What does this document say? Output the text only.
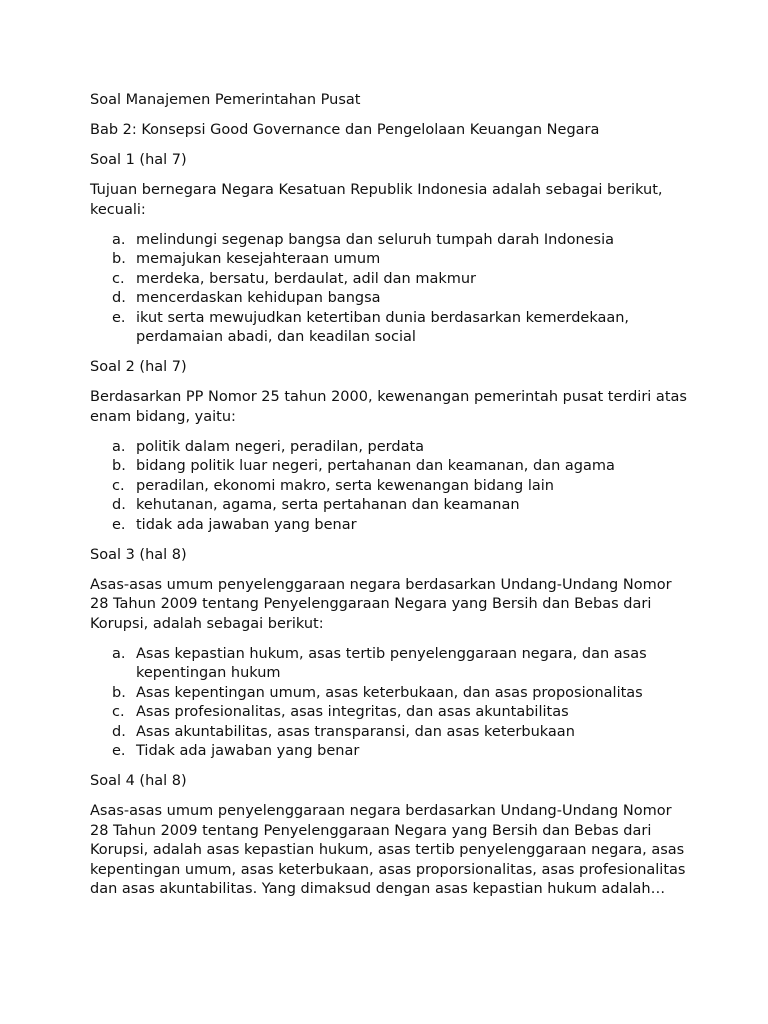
Soal Manajemen Pemerintahan Pusat

Bab 2: Konsepsi Good Governance dan Pengelolaan Keuangan Negara

Soal 1 (hal 7)

Tujuan bernegara Negara Kesatuan Republik Indonesia adalah sebagai berikut, kecuali:

a. melindungi segenap bangsa dan seluruh tumpah darah Indonesia
b. memajukan kesejahteraan umum
c. merdeka, bersatu, berdaulat, adil dan makmur
d. mencerdaskan kehidupan bangsa
e. ikut serta mewujudkan ketertiban dunia berdasarkan kemerdekaan, perdamaian abadi, dan keadilan social

Soal 2 (hal 7)

Berdasarkan PP Nomor 25 tahun 2000, kewenangan pemerintah pusat terdiri atas enam bidang, yaitu:

a. politik dalam negeri, peradilan, perdata
b. bidang politik luar negeri, pertahanan dan keamanan, dan agama
c. peradilan, ekonomi makro, serta kewenangan bidang lain
d. kehutanan, agama, serta pertahanan dan keamanan
e. tidak ada jawaban yang benar

Soal 3 (hal 8)

Asas-asas umum penyelenggaraan negara berdasarkan Undang-Undang Nomor 28 Tahun 2009 tentang Penyelenggaraan Negara yang Bersih dan Bebas dari Korupsi, adalah sebagai berikut:

a. Asas kepastian hukum, asas tertib penyelenggaraan negara, dan asas kepentingan hukum
b. Asas kepentingan umum, asas keterbukaan, dan asas proposionalitas
c. Asas profesionalitas, asas integritas, dan asas akuntabilitas
d. Asas akuntabilitas, asas transparansi, dan asas keterbukaan
e. Tidak ada jawaban yang benar

Soal 4 (hal 8)

Asas-asas umum penyelenggaraan negara berdasarkan Undang-Undang Nomor 28 Tahun 2009 tentang Penyelenggaraan Negara yang Bersih dan Bebas dari Korupsi, adalah asas kepastian hukum, asas tertib penyelenggaraan negara, asas kepentingan umum, asas keterbukaan, asas proporsionalitas, asas profesionalitas dan asas akuntabilitas. Yang dimaksud dengan asas kepastian hukum adalah…
